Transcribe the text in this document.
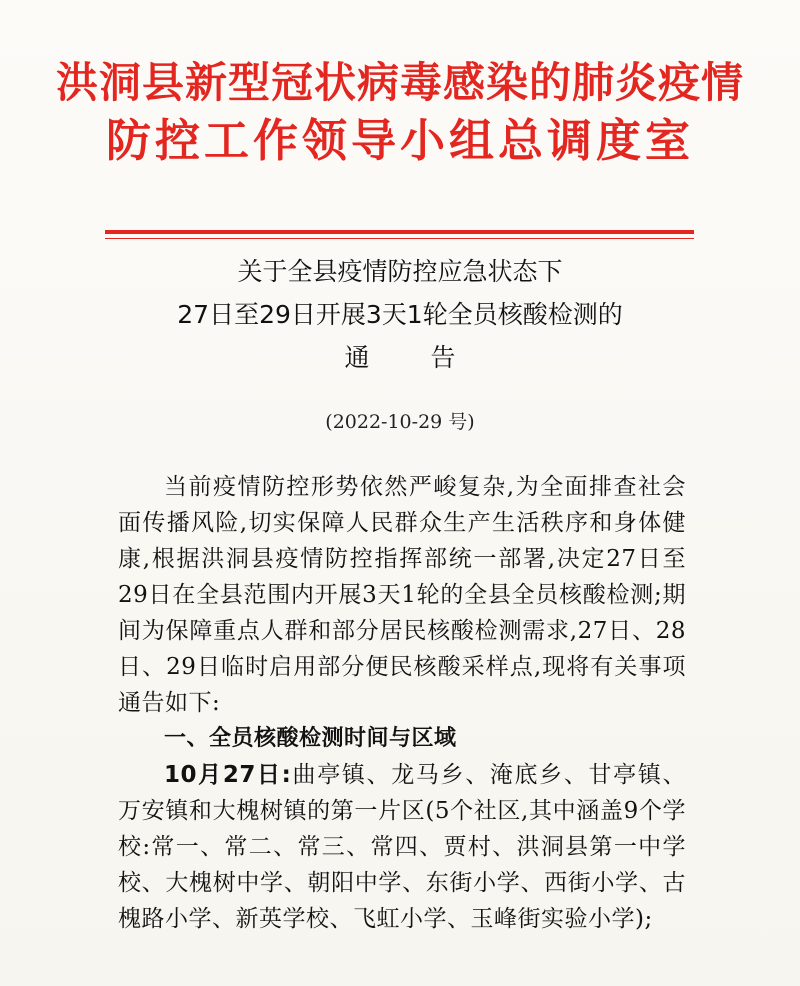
洪洞县新型冠状病毒感染的肺炎疫情
防控工作领导小组总调度室
关于全县疫情防控应急状态下
27日至29日开展3天1轮全员核酸检测的
通　告
(2022-10-29 号)

当前疫情防控形势依然严峻复杂,为全面排查社会面传播风险,切实保障人民群众生产生活秩序和身体健康,根据洪洞县疫情防控指挥部统一部署,决定27日至29日在全县范围内开展3天1轮的全县全员核酸检测;期间为保障重点人群和部分居民核酸检测需求,27日、28日、29日临时启用部分便民核酸采样点,现将有关事项通告如下:

一、全员核酸检测时间与区域

10月27日:曲亭镇、龙马乡、淹底乡、甘亭镇、万安镇和大槐树镇的第一片区(5个社区,其中涵盖9个学校:常一、常二、常三、常四、贾村、洪洞县第一中学校、大槐树中学、朝阳中学、东街小学、西街小学、古槐路小学、新英学校、飞虹小学、玉峰街实验小学);
